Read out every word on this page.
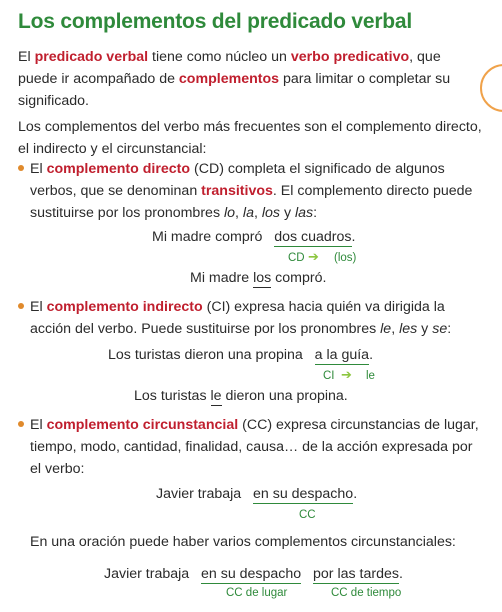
Los complementos del predicado verbal

El predicado verbal tiene como núcleo un verbo predicativo, que puede ir acompañado de complementos para limitar o completar su significado.

Los complementos del verbo más frecuentes son el complemento directo, el indirecto y el circunstancial:

El complemento directo (CD) completa el significado de algunos verbos, que se denominan transitivos. El complemento directo puede sustituirse por los pronombres lo, la, los y las:

Mi madre compró dos cuadros.
CD ➔ (los)
Mi madre los compró.

El complemento indirecto (CI) expresa hacia quién va dirigida la acción del verbo. Puede sustituirse por los pronombres le, les y se:

Los turistas dieron una propina a la guía.
CI ➔ le
Los turistas le dieron una propina.

El complemento circunstancial (CC) expresa circunstancias de lugar, tiempo, modo, cantidad, finalidad, causa… de la acción expresada por el verbo:

Javier trabaja en su despacho.
CC

En una oración puede haber varios complementos circunstanciales:

Javier trabaja en su despacho por las tardes.
CC de lugar	CC de tiempo
